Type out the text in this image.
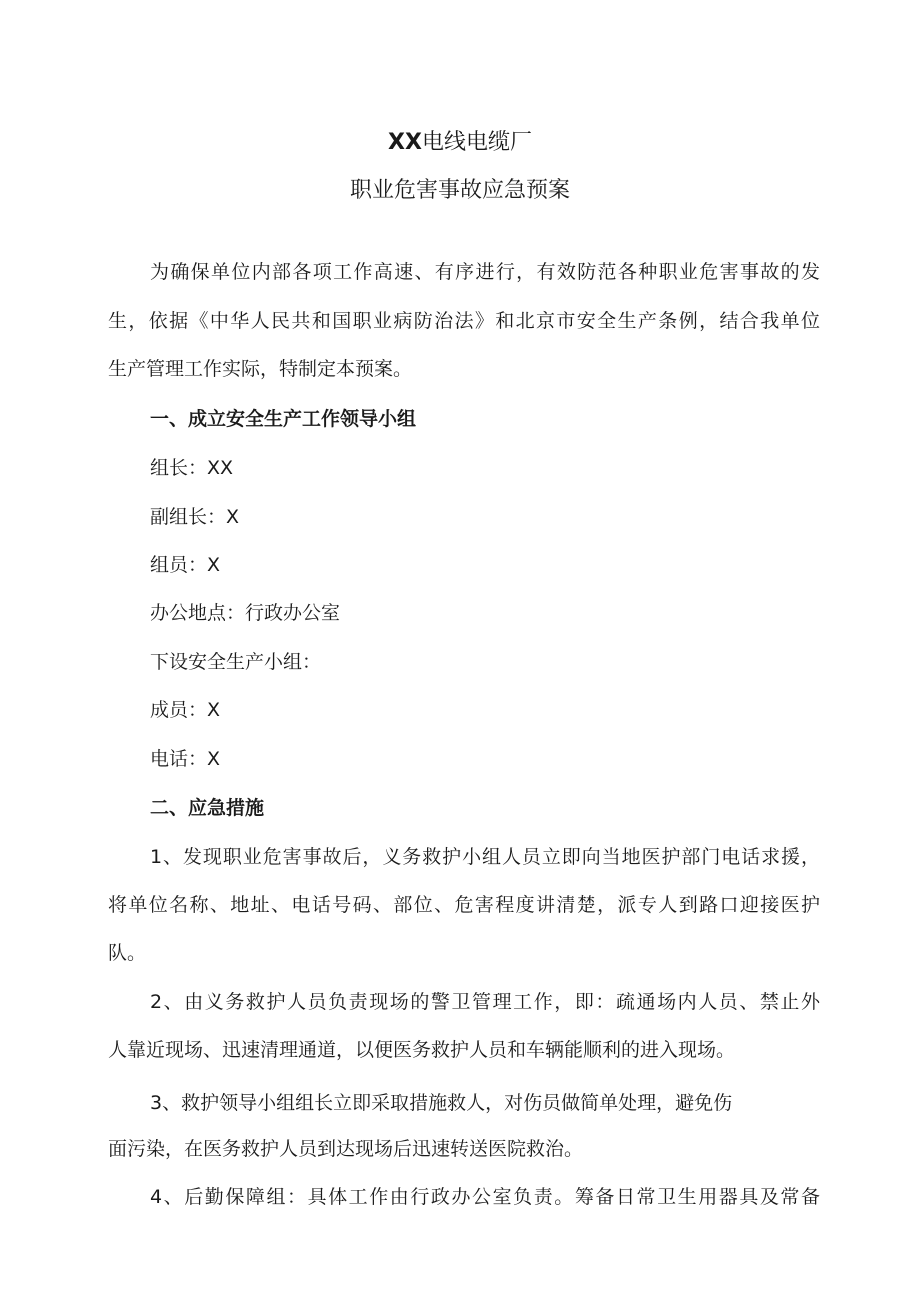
XX电线电缆厂
职业危害事故应急预案
为确保单位内部各项工作高速、有序进行，有效防范各种职业危害事故的发
生，依据《中华人民共和国职业病防治法》和北京市安全生产条例，结合我单位
生产管理工作实际，特制定本预案。
一、成立安全生产工作领导小组
组长：XX
副组长：X
组员：X
办公地点：行政办公室
下设安全生产小组：
成员：X
电话：X
二、应急措施
1、发现职业危害事故后，义务救护小组人员立即向当地医护部门电话求援，
将单位名称、地址、电话号码、部位、危害程度讲清楚，派专人到路口迎接医护
队。
2、由义务救护人员负责现场的警卫管理工作，即：疏通场内人员、禁止外
人靠近现场、迅速清理通道，以便医务救护人员和车辆能顺利的进入现场。
3、救护领导小组组长立即采取措施救人，对伤员做简单处理，避免伤
面污染，在医务救护人员到达现场后迅速转送医院救治。
4、后勤保障组：具体工作由行政办公室负责。筹备日常卫生用器具及常备
